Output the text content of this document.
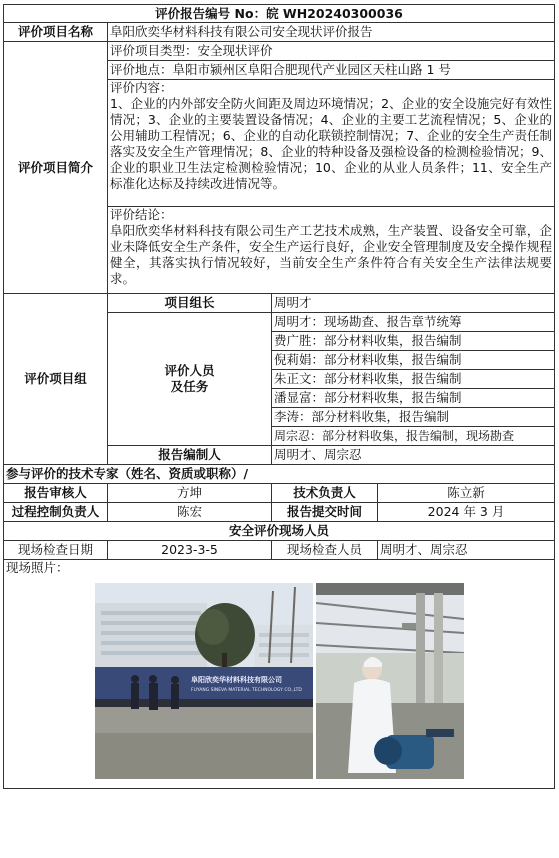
评价报告编号 No：皖 WH20240300036			
评价项目名称	阜阳欣奕华材料科技有限公司安全现状评价报告		
评价项目简介	评价项目类型：安全现状评价		
	评价地点：阜阳市颍州区阜阳合肥现代产业园区天柱山路 1 号		

	评价内容：
1、企业的内外部安全防火间距及周边环境情况；2、企业的安全设施完好有效性情况；3、企业的主要装置设备情况；4、企业的主要工艺流程情况；5、企业的公用辅助工程情况；6、企业的自动化联锁控制情况；7、企业的安全生产责任制落实及安全生产管理情况；8、企业的特种设备及强检设备的检测检验情况；9、企业的职业卫生法定检测检验情况；10、企业的从业人员条件；11、安全生产标准化达标及持续改进情况等。		

	评价结论：
阜阳欣奕华材料科技有限公司生产工艺技术成熟，生产装置、设备安全可靠，企业未降低安全生产条件，安全生产运行良好，企业安全管理制度及安全操作规程健全，其落实执行情况较好，当前安全生产条件符合有关安全生产法律法规要求。		

评价项目组	项目组长	周明才	

	评价人员
及任务	周明才：现场勘查、报告章节统筹	
		费广胜：部分材料收集，报告编制	
		倪莉娟：部分材料收集，报告编制	
		朱正文：部分材料收集，报告编制	
		潘显富：部分材料收集，报告编制	
		李涛：部分材料收集，报告编制	
		周宗忍：部分材料收集，报告编制，现场勘查	
	报告编制人	周明才、周宗忍	
参与评价的技术专家（姓名、资质或职称）/			
报告审核人	方坤	技术负责人	陈立新
过程控制负责人	陈宏	报告提交时间	2024 年 3 月
安全评价现场人员			
现场检查日期	2023-3-5	现场检查人员	周明才、周宗忍

现场照片：
阜阳欣奕华材料科技有限公司
FUYANG SINEVA MATERIAL TECHNOLOGY CO.,LTD			
